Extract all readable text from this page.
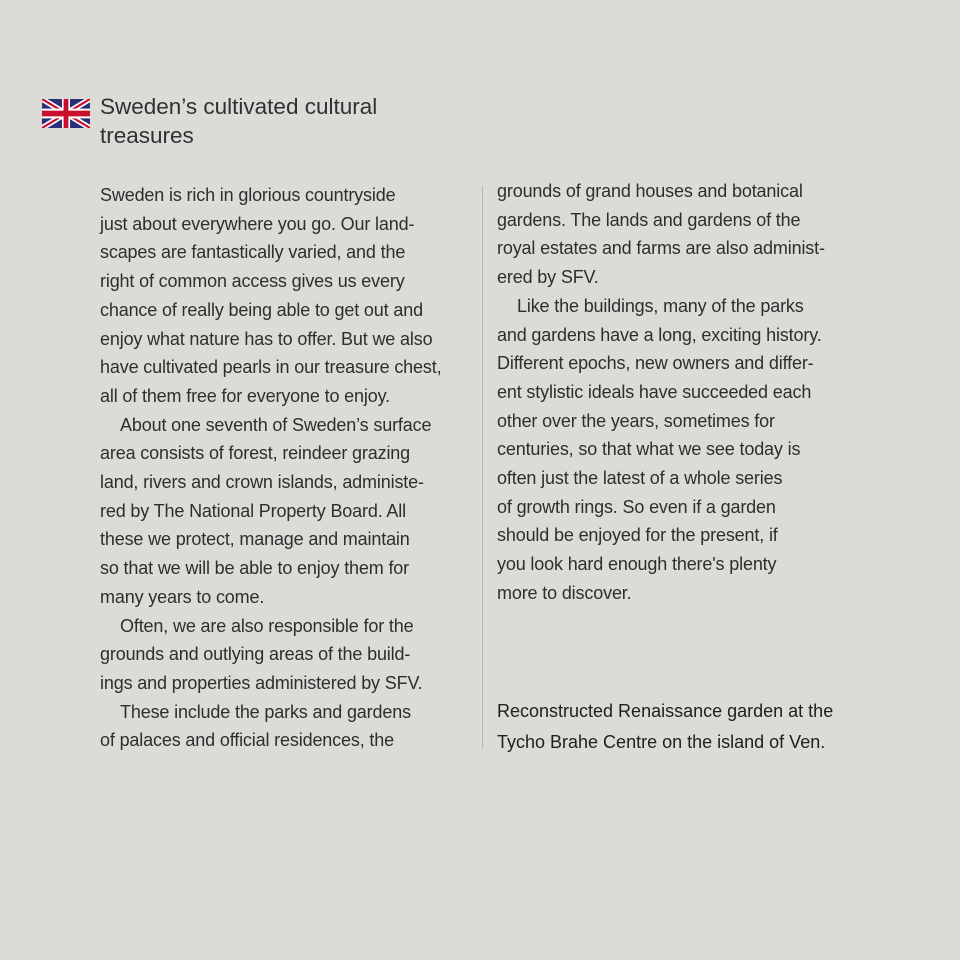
Sweden’s cultivated cultural
treasures

Sweden is rich in glorious countryside
just about everywhere you go. Our land-
scapes are fantastically varied, and the
right of common access gives us every
chance of really being able to get out and
enjoy what nature has to offer. But we also
have cultivated pearls in our treasure chest,
all of them free for everyone to enjoy.

About one seventh of Sweden’s surface
area consists of forest, reindeer grazing
land, rivers and crown islands, administe-
red by The National Property Board. All
these we protect, manage and maintain
so that we will be able to enjoy them for
many years to come.

Often, we are also responsible for the
grounds and outlying areas of the build-
ings and properties administered by SFV.

These include the parks and gardens
of palaces and official residences, the

grounds of grand houses and botanical
gardens. The lands and gardens of the
royal estates and farms are also administ-
ered by SFV.

Like the buildings, many of the parks
and gardens have a long, exciting history.
Different epochs, new owners and differ-
ent stylistic ideals have succeeded each
other over the years, sometimes for
centuries, so that what we see today is
often just the latest of a whole series
of growth rings. So even if a garden
should be enjoyed for the present, if
you look hard enough there's plenty
more to discover.

Reconstructed Renaissance garden at the
Tycho Brahe Centre on the island of Ven.
